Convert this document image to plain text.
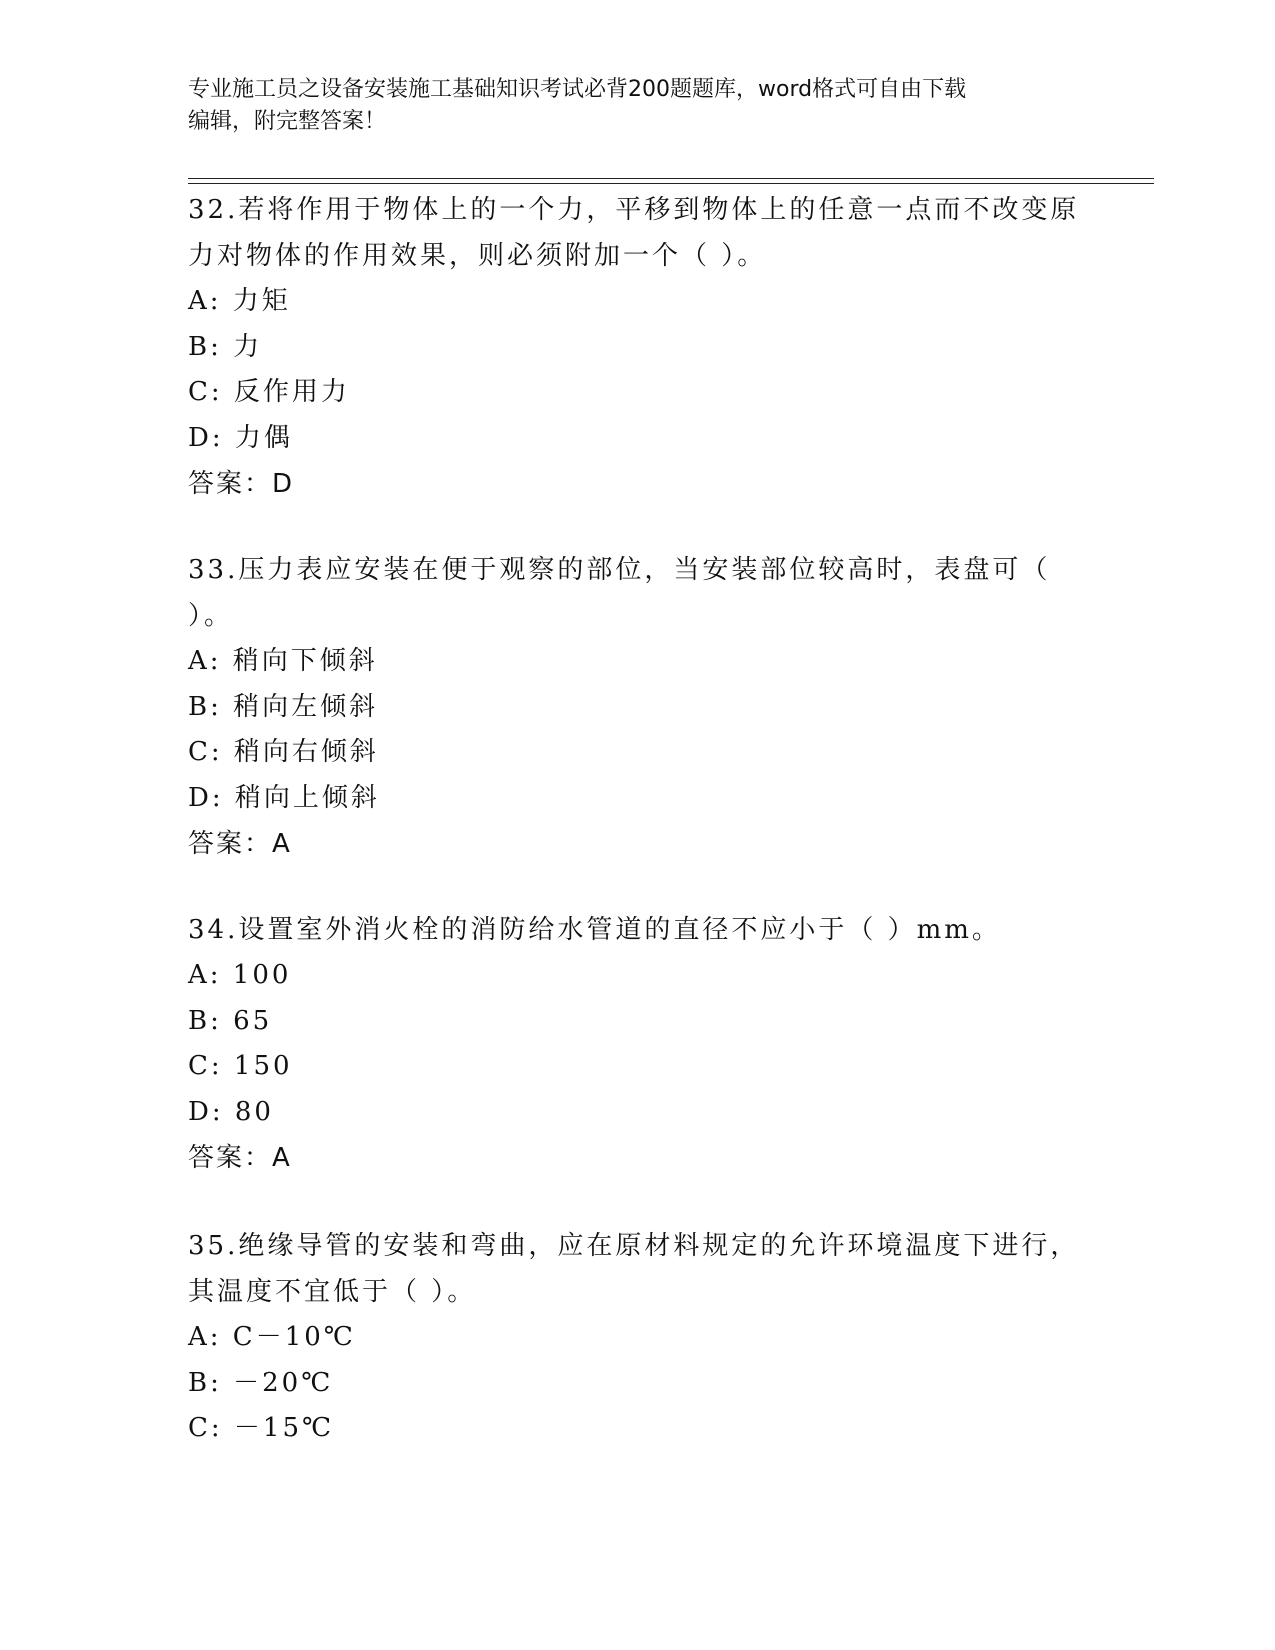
专业施工员之设备安装施工基础知识考试必背200题题库，word格式可自由下载
编辑，附完整答案！
32.若将作用于物体上的一个力，平移到物体上的任意一点而不改变原
力对物体的作用效果，则必须附加一个（ ）。
A: 力矩
B: 力
C: 反作用力
D: 力偶
答案：D
33.压力表应安装在便于观察的部位，当安装部位较高时，表盘可（
）。
A: 稍向下倾斜
B: 稍向左倾斜
C: 稍向右倾斜
D: 稍向上倾斜
答案：A
34.设置室外消火栓的消防给水管道的直径不应小于（ ）mm。
A: 100
B: 65
C: 150
D: 80
答案：A
35.绝缘导管的安装和弯曲，应在原材料规定的允许环境温度下进行，
其温度不宜低于（ ）。
A: C－10℃
B: －20℃
C: －15℃
